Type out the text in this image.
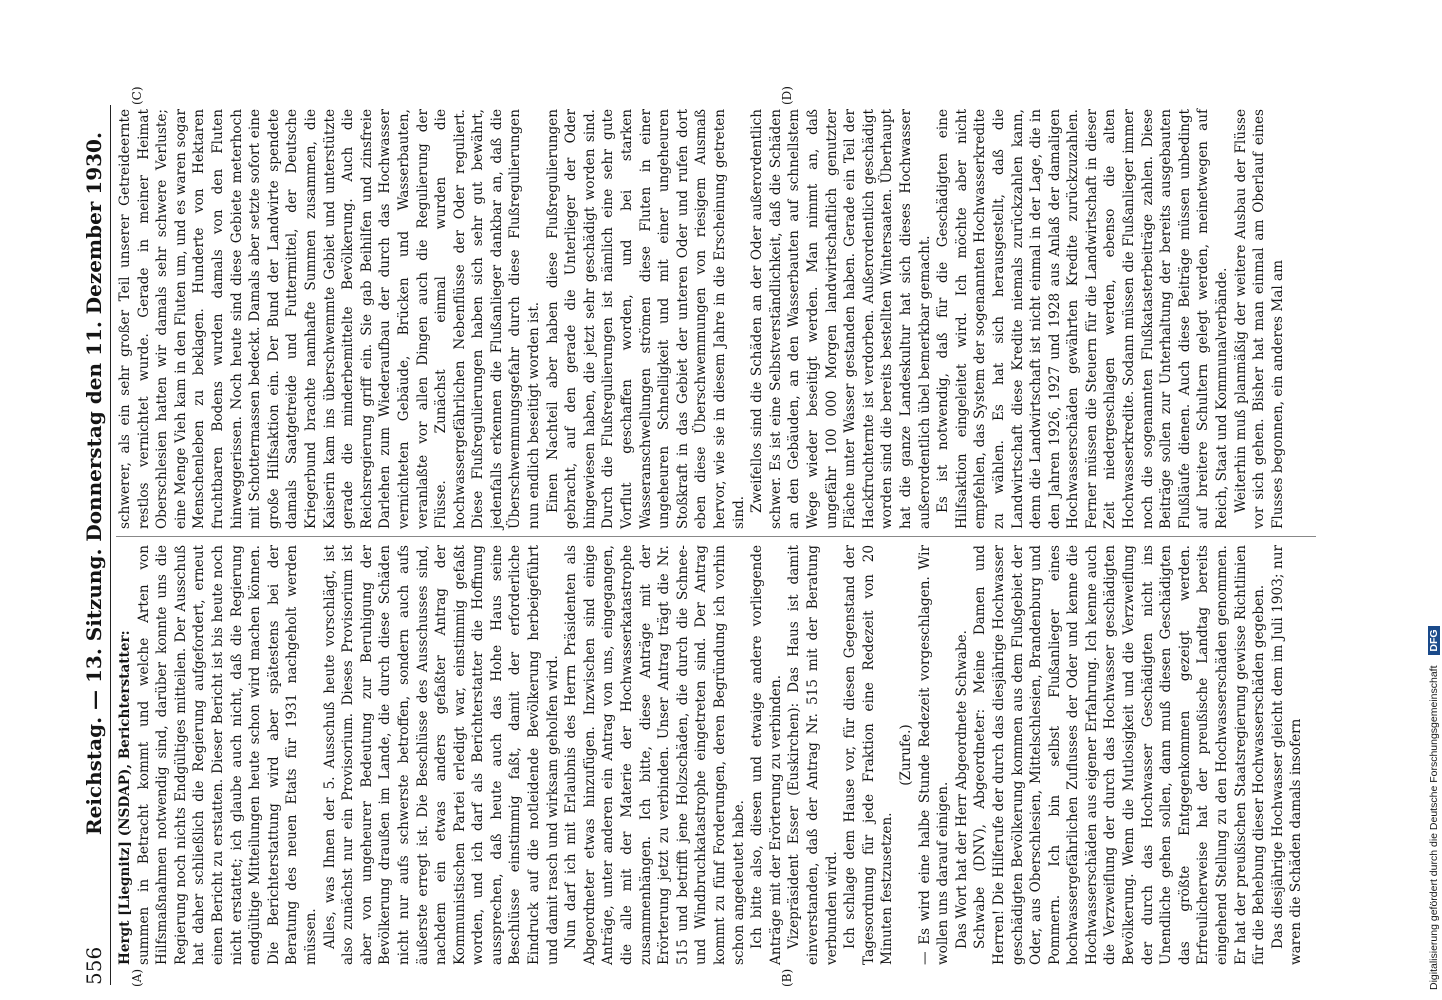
556
Reichstag. — 13. Sitzung. Donnerstag den 11. Dezember 1930. Hergt [Liegnitz] (NSDAP), Berichterstatter: summen in Betracht kommt und welche Arten von Hilfsmaßnahmen notwendig sind, darüber konnte uns die Regierung noch nichts Endgültiges mitteilen. Der Ausschuß hat daher schließlich die Regierung aufgefordert, erneut einen Bericht zu erstatten. Dieser Bericht ist bis heute noch nicht erstattet; ich glaube auch nicht, daß die Regierung endgültige Mitteilungen heute schon wird machen können. Die Berichterstattung wird aber spätestens bei der Beratung des neuen Etats für 1931 nachgeholt werden müssen. Alles, was Ihnen der 5. Ausschuß heute vorschlägt, ist also zunächst nur ein Provisorium. Dieses Provisorium ist aber von ungeheurer Bedeutung zur Beruhigung der Bevölkerung draußen im Lande, die durch diese Schäden nicht nur aufs schwerste betroffen, sondern auch aufs äußerste erregt ist. Die Beschlüsse des Ausschusses sind, nachdem ein etwas anders gefaßter Antrag der Kommunistischen Partei erledigt war, einstimmig gefaßt worden, und ich darf als Berichterstatter die Hoffnung aussprechen, daß heute auch das Hohe Haus seine Beschlüsse einstimmig faßt, damit der erforderliche Eindruck auf die notleidende Bevölkerung herbeigeführt und damit rasch und wirksam geholfen wird. Nun darf ich mit Erlaubnis des Herrn Präsidenten als Abgeordneter etwas hinzufügen. Inzwischen sind einige Anträge, unter anderen ein Antrag von uns, eingegangen, die alle mit der Materie der Hochwasserkatastrophe zusammenhängen. Ich bitte, diese Anträge mit der Erörterung jetzt zu verbinden. Unser Antrag trägt die Nr. 515 und betrifft jene Holzschäden, die durch die Schnee- und Windbruchkatastrophe eingetreten sind. Der Antrag kommt zu fünf Forderungen, deren Begründung ich vorhin schon angedeutet habe. Ich bitte also, diesen und etwaige andere vorliegende Anträge mit der Erörterung zu verbinden. Vizepräsident Esser (Euskirchen): Das Haus ist damit einverstanden, daß der Antrag Nr. 515 mit der Beratung verbunden wird. Ich schlage dem Hause vor, für diesen Gegenstand der Tagesordnung für jede Fraktion eine Redezeit von 20 Minuten festzusetzen.

(Zurufe.) — Es wird eine halbe Stunde Redezeit vorgeschlagen. Wir wollen uns darauf einigen. Das Wort hat der Herr Abgeordnete Schwabe. Schwabe (DNV), Abgeordneter: Meine Damen und Herren! Die Hilferufe der durch das diesjährige Hochwasser geschädigten Bevölkerung kommen aus dem Flußgebiet der Oder, aus Oberschlesien, Mittelschlesien, Brandenburg und Pommern. Ich bin selbst Flußanlieger eines hochwassergefährlichen Zuflusses der Oder und kenne die Hochwasserschäden aus eigener Erfahrung. Ich kenne auch die Verzweiflung der durch das Hochwasser geschädigten Bevölkerung. Wenn die Mutlosigkeit und die Verzweiflung der durch das Hochwasser Geschädigten nicht ins Unendliche gehen sollen, dann muß diesen Geschädigten das größte Entgegenkommen gezeigt werden. Erfreulicherweise hat der preußische Landtag bereits eingehend Stellung zu den Hochwasserschäden genommen. Er hat der preußischen Staatsregierung gewisse Richtlinien für die Behebung dieser Hochwasserschäden gegeben. Das diesjährige Hochwasser gleicht dem im Juli 1903; nur waren die Schäden damals insofern

schwerer, als ein sehr großer Teil unserer Getreideernte restlos vernichtet wurde. Gerade in meiner Heimat Oberschlesien hatten wir damals sehr schwere Verluste; eine Menge Vieh kam in den Fluten um, und es waren sogar Menschenleben zu beklagen. Hunderte von Hektaren fruchtbaren Bodens wurden damals von den Fluten hinweggerissen. Noch heute sind diese Gebiete meterhoch mit Schottermassen bedeckt. Damals aber setzte sofort eine große Hilfsaktion ein. Der Bund der Landwirte spendete damals Saatgetreide und Futtermittel, der Deutsche Kriegerbund brachte namhafte Summen zusammen, die Kaiserin kam ins überschwemmte Gebiet und unterstützte gerade die minderbemittelte Bevölkerung. Auch die Reichsregierung griff ein. Sie gab Beihilfen und zinsfreie Darlehen zum Wiederaufbau der durch das Hochwasser vernichteten Gebäude, Brücken und Wasserbauten, veranlaßte vor allen Dingen auch die Regulierung der Flüsse. Zunächst einmal wurden die hochwassergefährlichen Nebenflüsse der Oder reguliert. Diese Flußregulierungen haben sich sehr gut bewährt, jedenfalls erkennen die Flußanlieger dankbar an, daß die Überschwemmungsgefahr durch diese Flußregulierungen nun endlich beseitigt worden ist. Einen Nachteil aber haben diese Flußregulierungen gebracht, auf den gerade die Unterlieger der Oder hingewiesen haben, die jetzt sehr geschädigt worden sind. Durch die Flußregulierungen ist nämlich eine sehr gute Vorflut geschaffen worden, und bei starken Wasseranschwellungen strömen diese Fluten in einer ungeheuren Schnelligkeit und mit einer ungeheuren Stoßkraft in das Gebiet der unteren Oder und rufen dort eben diese Überschwemmungen von riesigem Ausmaß hervor, wie sie in diesem Jahre in die Erscheinung getreten sind. Zweifellos sind die Schäden an der Oder außerordentlich schwer. Es ist eine Selbstverständlichkeit, daß die Schäden an den Gebäuden, an den Wasserbauten auf schnellstem Wege wieder beseitigt werden. Man nimmt an, daß ungefähr 100 000 Morgen landwirtschaftlich genutzter Fläche unter Wasser gestanden haben. Gerade ein Teil der Hackfruchternte ist verdorben. Außerordentlich geschädigt worden sind die bereits bestellten Wintersaaten. Überhaupt hat die ganze Landeskultur hat sich dieses Hochwasser außerordentlich übel bemerkbar gemacht. Es ist notwendig, daß für die Geschädigten eine Hilfsaktion eingeleitet wird. Ich möchte aber nicht empfehlen, das System der sogenannten Hochwasserkredite zu wählen. Es hat sich herausgestellt, daß die Landwirtschaft diese Kredite niemals zurückzahlen kann, denn die Landwirtschaft ist nicht einmal in der Lage, die in den Jahren 1926, 1927 und 1928 aus Anlaß der damaligen Hochwasserschäden gewährten Kredite zurückzuzahlen. Ferner müssen die Steuern für die Landwirtschaft in dieser Zeit niedergeschlagen werden, ebenso die alten Hochwasserkredite. Sodann müssen die Flußanlieger immer noch die sogenannten Flußkatasterbeiträge zahlen. Diese Beiträge sollen zur Unterhaltung der bereits ausgebauten Flußläufe dienen. Auch diese Beiträge müssen unbedingt auf breitere Schultern gelegt werden, meinetwegen auf Reich, Staat und Kommunalverbände. Weiterhin muß planmäßig der weitere Ausbau der Flüsse vor sich gehen. Bisher hat man einmal am Oberlauf eines Flusses begonnen, ein anderes Mal am

(A)	(B)
(C)	(D)
Digitalisierung gefördert durch die Deutsche Forschungsgemeinschaft DFG
